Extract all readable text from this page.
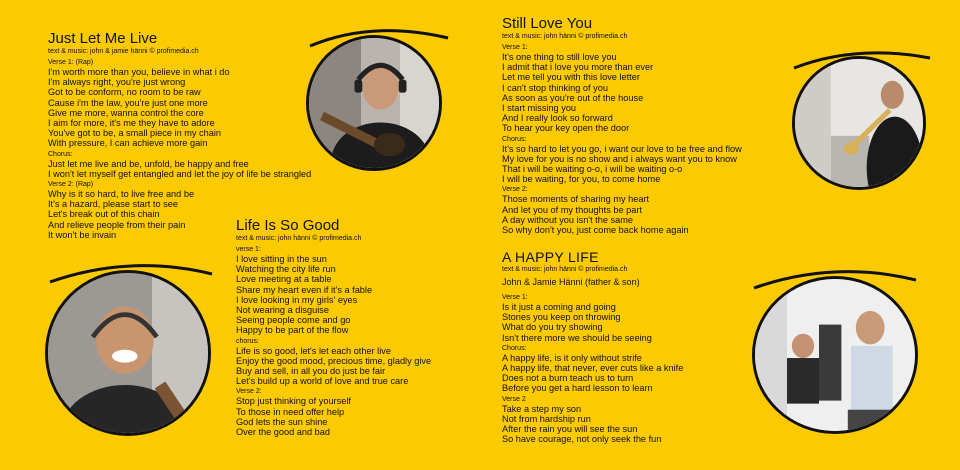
Just Let Me Live
text & music: john & jamie hänni © profimedia.ch
Verse 1: (Rap)
I'm worth more than you, believe in what i do
I'm always right, you're just wrong
Got to be conform, no room to be raw
Cause i'm the law, you're just one more
Give me more, wanna control the core
I aim for more, it's me they have to adore
You've got to be, a small piece in my chain
With pressure, I can achieve more gain
Chorus:
Just let me live and be, unfold, be happy and free
I won't let myself get entangled and let the joy of life be strangled
Verse 2: (Rap)
Why is it so hard, to live free and be
It's a hazard, please start to see
Let's break out of this chain
And relieve people from their pain
It won't be invain
Life Is So Good
text & music: john hänni © profimedia.ch
verse 1:
I love sitting in the sun
Watching the city life run
Love meeting at a table
Share my heart even if it's a fable
I love looking in my girls' eyes
Not wearing a disguise
Seeing people come and go
Happy to be part of the flow
chorus:
Life is so good, let's let each other live
Enjoy the good mood, precious time, gladly give
Buy and sell, in all you do just be fair
Let's build up a world of love and true care
Verse 2:
Stop just thinking of yourself
To those in need offer help
God lets the sun shine
Over the good and bad
Still Love You
text & music: john hänni © profimedia.ch
Verse 1:
It's one thing to still love you
I admit that i love you more than ever
Let me tell you with this love letter
I can't stop thinking of you
As soon as you're out of the house
I start missing you
And I really look so forward
To hear your key open the door
Chorus:
It's so hard to let you go, i want our love to be free and flow
My love for you is no show and i always want you to know
That i will be waiting o-o, i will be waiting o-o
I will be waiting, for you, to come home
Verse 2:
Those moments of sharing my heart
And let you of my thoughts be part
A day without you isn't the same
So why don't you, just come back home again
A HAPPY LIFE
text & music: john hänni © profimedia.ch
John & Jamie Hänni (father & son)
Verse 1:
Is it just a coming and going
Stones you keep on throwing
What do you try showing
Isn't there more we should be seeing
Chorus:
A happy life, is it only without strife
A happy life, that never, ever cuts like a knife
Does not a burn teach us to turn
Before you get a hard lesson to learn
Verse 2
Take a step my son
Not from hardship run
After the rain you will see the sun
So have courage, not only seek the fun
